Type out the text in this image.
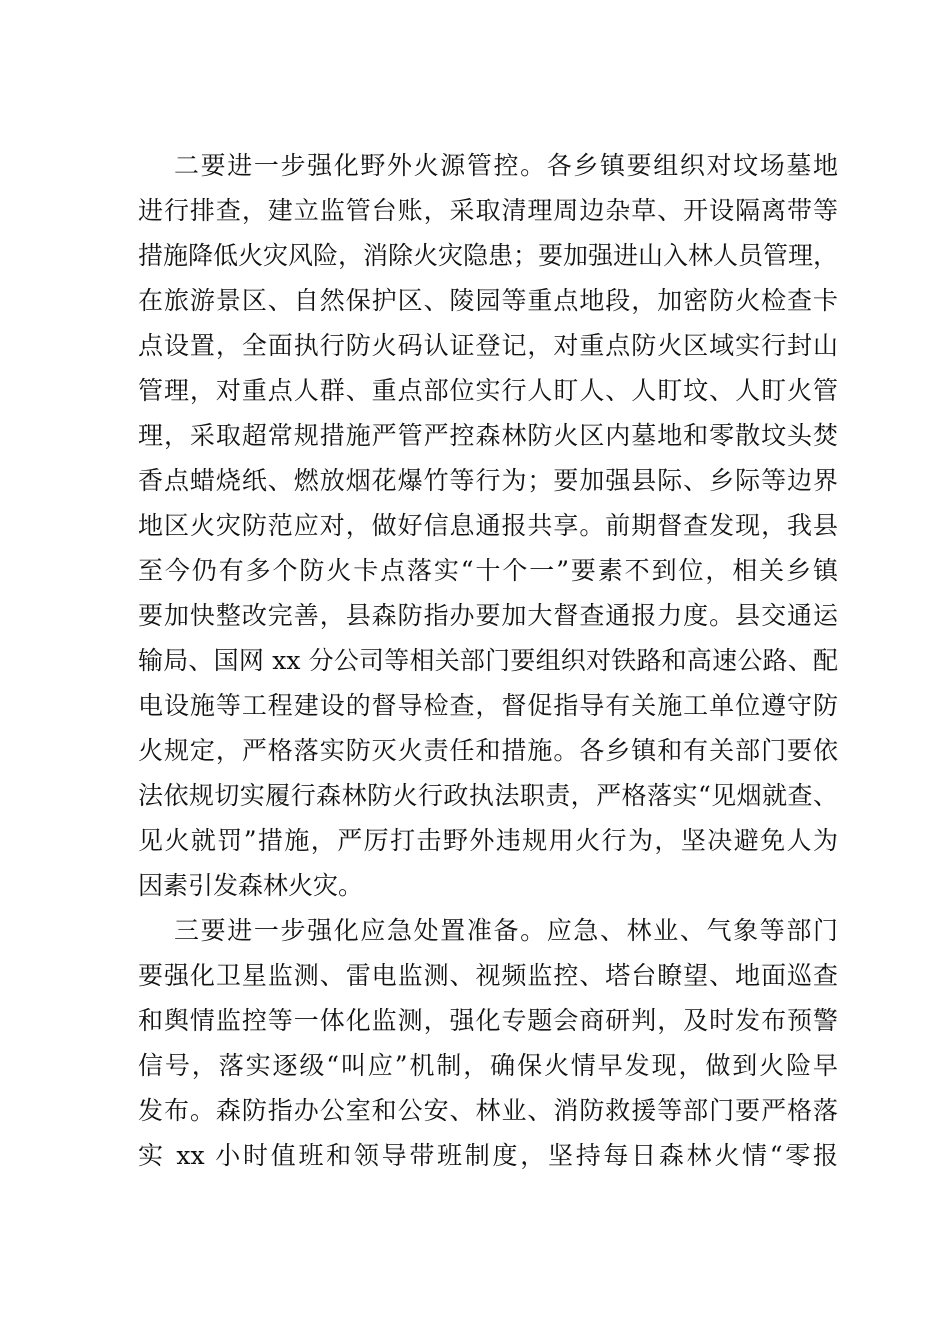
二要进一步强化野外火源管控。各乡镇要组织对坟场墓地
进行排查，建立监管台账，采取清理周边杂草、开设隔离带等
措施降低火灾风险，消除火灾隐患；要加强进山入林人员管理，
在旅游景区、自然保护区、陵园等重点地段，加密防火检查卡
点设置，全面执行防火码认证登记，对重点防火区域实行封山
管理，对重点人群、重点部位实行人盯人、人盯坟、人盯火管
理，采取超常规措施严管严控森林防火区内墓地和零散坟头焚
香点蜡烧纸、燃放烟花爆竹等行为；要加强县际、乡际等边界
地区火灾防范应对，做好信息通报共享。前期督查发现，我县
至今仍有多个防火卡点落实“十个一”要素不到位，相关乡镇
要加快整改完善，县森防指办要加大督查通报力度。县交通运
输局、国网 xx 分公司等相关部门要组织对铁路和高速公路、配
电设施等工程建设的督导检查，督促指导有关施工单位遵守防
火规定，严格落实防灭火责任和措施。各乡镇和有关部门要依
法依规切实履行森林防火行政执法职责，严格落实“见烟就查、
见火就罚”措施，严厉打击野外违规用火行为，坚决避免人为
因素引发森林火灾。
三要进一步强化应急处置准备。应急、林业、气象等部门
要强化卫星监测、雷电监测、视频监控、塔台瞭望、地面巡查
和舆情监控等一体化监测，强化专题会商研判，及时发布预警
信号，落实逐级“叫应”机制，确保火情早发现，做到火险早
发布。森防指办公室和公安、林业、消防救援等部门要严格落
实 xx 小时值班和领导带班制度，坚持每日森林火情“零报
